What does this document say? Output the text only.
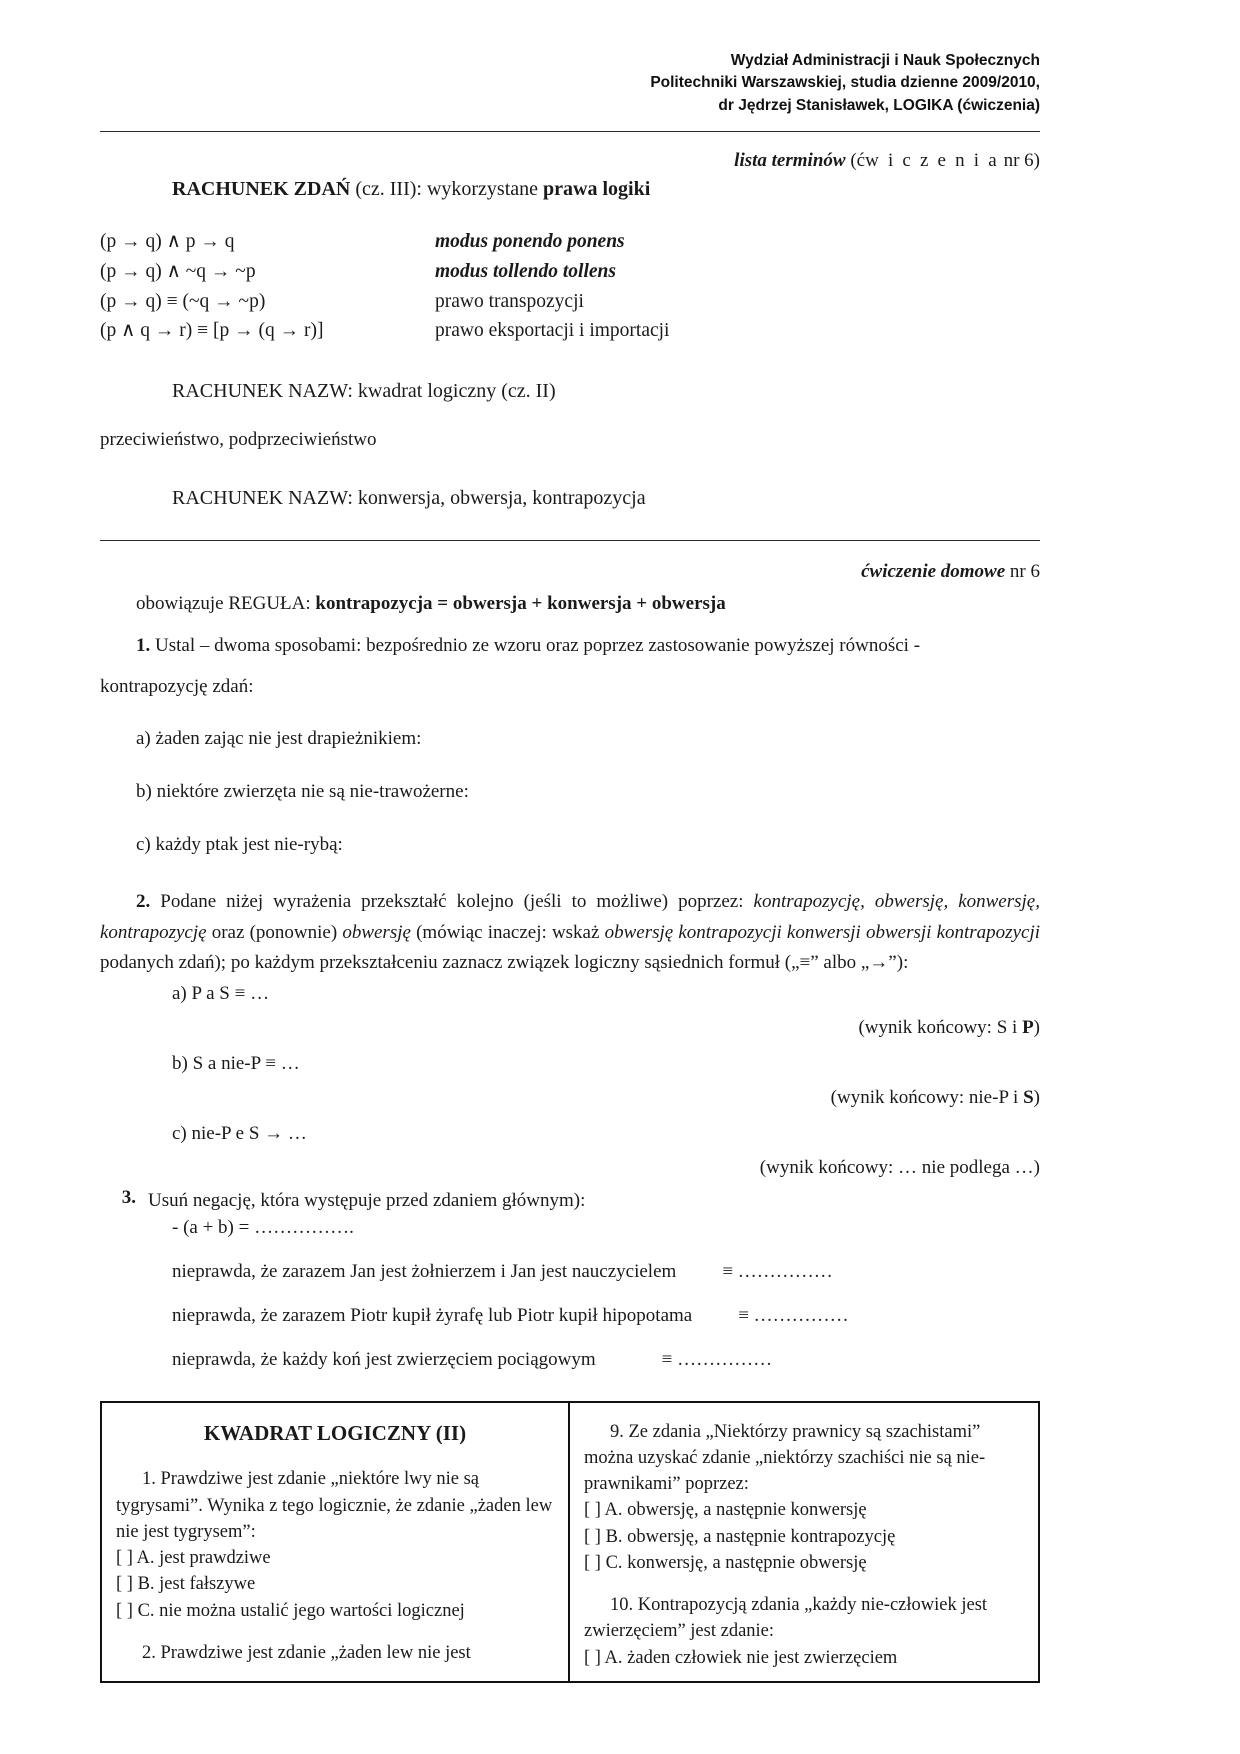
Wydział Administracji i Nauk Społecznych
Politechniki Warszawskiej, studia dzienne 2009/2010,
dr Jędrzej Stanisławek, LOGIKA (ćwiczenia)
lista terminów (ćw i c z e n i a nr 6)
RACHUNEK ZDAŃ (cz. III): wykorzystane prawa logiki
(p → q) ∧ p → q	modus ponendo ponens
(p → q) ∧ ~q → ~p	modus tollendo tollens
(p → q) ≡ (~q → ~p)	prawo transpozycji
(p ∧ q → r) ≡ [p → (q → r)]	prawo eksportacji i importacji
RACHUNEK NAZW: kwadrat logiczny (cz. II)
przeciwieństwo, podprzeciwieństwo
RACHUNEK NAZW: konwersja, obwersja, kontrapozycja
ćwiczenie domowe nr 6
obowiązuje REGUŁA: kontrapozycja = obwersja + konwersja + obwersja
1. Ustal – dwoma sposobami: bezpośrednio ze wzoru oraz poprzez zastosowanie powyższej równości -
kontrapozycję zdań:
a) żaden zając nie jest drapieżnikiem:
b) niektóre zwierzęta nie są nie-trawożerne:
c) każdy ptak jest nie-rybą:
2. Podane niżej wyrażenia przekształć kolejno (jeśli to możliwe) poprzez: kontrapozycję, obwersję, konwersję, kontrapozycję oraz (ponownie) obwersję (mówiąc inaczej: wskaż obwersję kontrapozycji konwersji obwersji kontrapozycji podanych zdań); po każdym przekształceniu zaznacz związek logiczny sąsiednich formuł („≡” albo „→”):
a) P a S ≡ …
(wynik końcowy: S i P)
b) S a nie-P ≡ …
(wynik końcowy: nie-P i S)
c) nie-P e S → …
(wynik końcowy: … nie podlega …)
3. Usuń negację, która występuje przed zdaniem głównym):
- (a + b) = …………….
nieprawda, że zarazem Jan jest żołnierzem i Jan jest nauczycielem ≡ ……………
nieprawda, że zarazem Piotr kupił żyrafę lub Piotr kupił hipopotama ≡ ……………
nieprawda, że każdy koń jest zwierzęciem pociągowym	≡ ……………
KWADRAT LOGICZNY (II)
1. Prawdziwe jest zdanie „niektóre lwy nie są tygrysami”. Wynika z tego logicznie, że zdanie „żaden lew nie jest tygrysem”:
[ ] A. jest prawdziwe
[ ] B. jest fałszywe
[ ] C. nie można ustalić jego wartości logicznej
2. Prawdziwe jest zdanie „żaden lew nie jest
9. Ze zdania „Niektórzy prawnicy są szachistami” można uzyskać zdanie „niektórzy szachiści nie są nie-prawnikami” poprzez:
[ ] A. obwersję, a następnie konwersję
[ ] B. obwersję, a następnie kontrapozycję
[ ] C. konwersję, a następnie obwersję
10. Kontrapozycją zdania „każdy nie-człowiek jest zwierzęciem” jest zdanie:
[ ] A. żaden człowiek nie jest zwierzęciem
